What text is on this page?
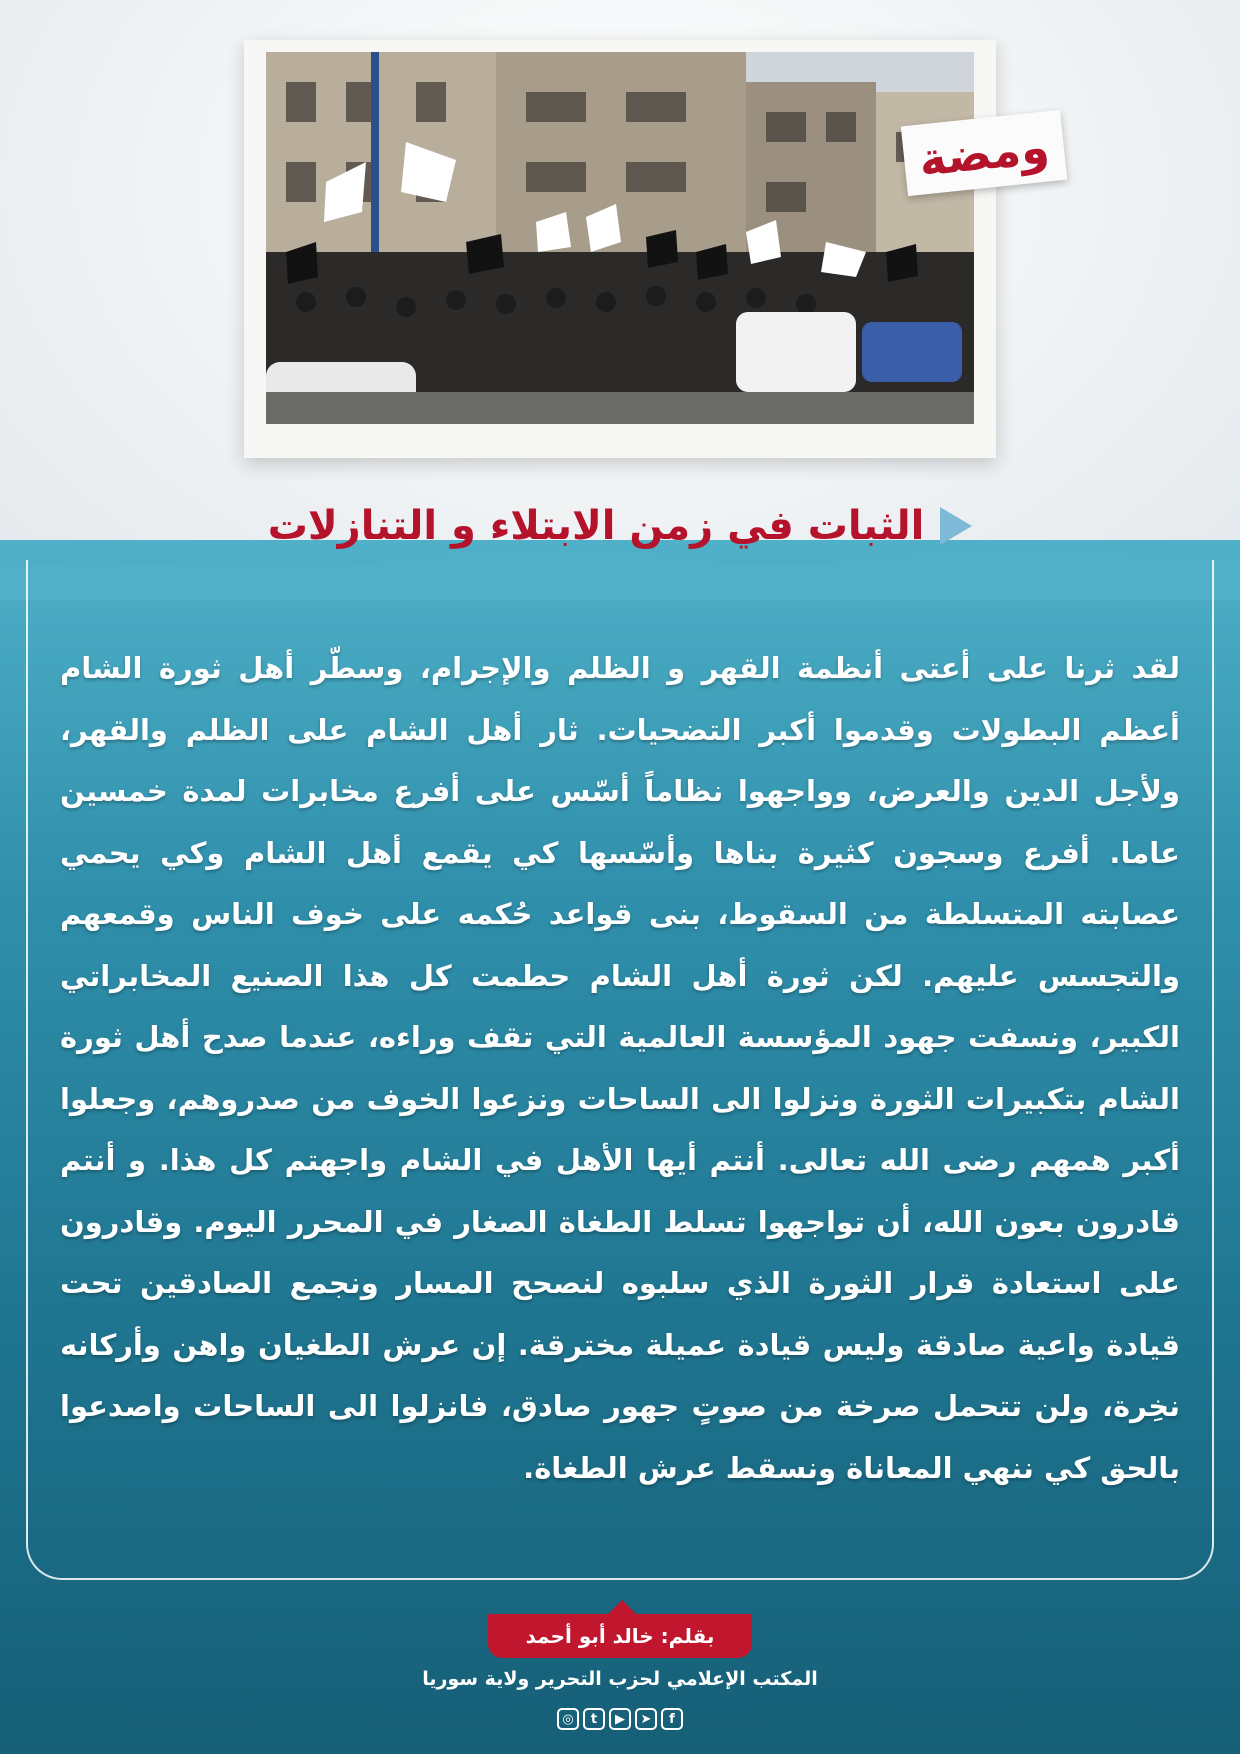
ومضة
الثبات في زمن الابتلاء و التنازلات

لقد ثرنا على أعتى أنظمة القهر و الظلم والإجرام، وسطّر أهل ثورة الشام أعظم البطولات وقدموا أكبر التضحيات. ثار أهل الشام على الظلم والقهر، ولأجل الدين والعرض، وواجهوا نظاماً أسّس على أفرع مخابرات لمدة خمسين عاما. أفرع وسجون كثيرة بناها وأسّسها كي يقمع أهل الشام وكي يحمي عصابته المتسلطة من السقوط، بنى قواعد حُكمه على خوف الناس وقمعهم والتجسس عليهم. لكن ثورة أهل الشام حطمت كل هذا الصنيع المخابراتي الكبير، ونسفت جهود المؤسسة العالمية التي تقف وراءه، عندما صدح أهل ثورة الشام بتكبيرات الثورة ونزلوا الى الساحات ونزعوا الخوف من صدروهم، وجعلوا أكبر همهم رضى الله تعالى. أنتم أيها الأهل في الشام واجهتم كل هذا. و أنتم قادرون بعون الله، أن تواجهوا تسلط الطغاة الصغار في المحرر اليوم. وقادرون على استعادة قرار الثورة الذي سلبوه لنصحح المسار ونجمع الصادقين تحت قيادة واعية صادقة وليس قيادة عميلة مخترقة. إن عرش الطغيان واهن وأركانه نخِرة، ولن تتحمل صرخة من صوتٍ جهور صادق، فانزلوا الى الساحات واصدعوا بالحق كي ننهي المعاناة ونسقط عرش الطغاة.

بقلم: خالد أبو أحمد

المكتب الإعلامي لحزب التحرير ولاية سوريا

◎	t	▶	➤	f
